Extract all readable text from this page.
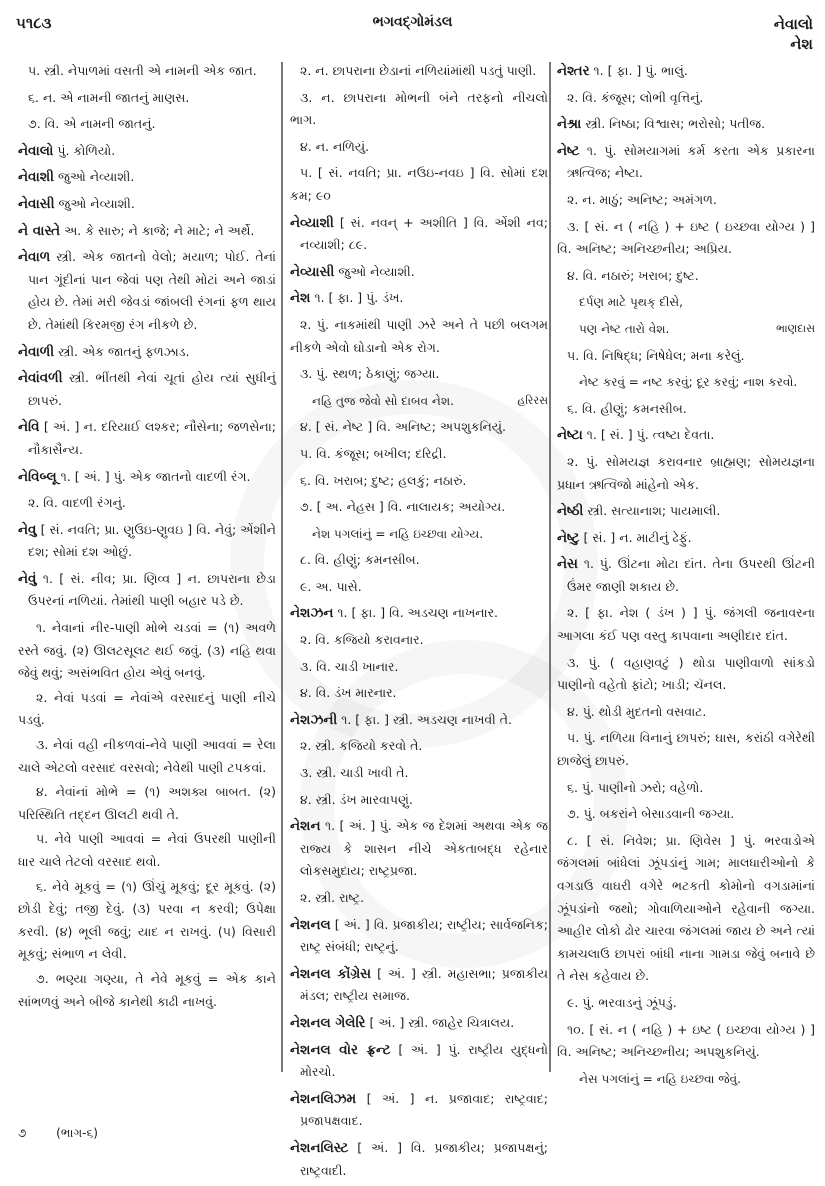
૫૧૮૩	ભગવદ્ગોમંડલ	નેવાલો
નેશ

૫. સ્ત્રી. નેપાળમાં વસતી એ નામની એક જાત.

૬. ન. એ નામની જાતનું માણસ.

૭. વિ. એ નામની જાતનું.

નેવાલો પું. કોળિયો.

નેવાશી જુઓ નેવ્યાશી.

નેવાસી જુઓ નેવ્યાશી.

ને વાસ્તે અ. કે સારુ; ને કાજે; ને માટે; ને અર્થે.

નેવાળ સ્ત્રી. એક જાતનો વેલો; મયાળ; પોઈ. તેનાં પાન ગૂંદીનાં પાન જેવાં પણ તેથી મોટાં અને જાડાં હોય છે. તેમાં મરી જેવડાં જાંબલી રંગનાં ફળ થાય છે. તેમાંથી કિરમજી રંગ નીકળે છે.

નેવાળી સ્ત્રી. એક જાતનું ફળઝાડ.

નેવાંવળી સ્ત્રી. ભીંતથી નેવાં ચૂતાં હોય ત્યાં સુધીનું છાપરું.

નેવિ [ અં. ] ન. દરિયાઈ લશ્કર; નૌસેના; જળસેના; નૌકાસૈન્ય.

નેવિબ્લૂ ૧. [ અં. ] પું. એક જાતનો વાદળી રંગ.

૨. વિ. વાદળી રંગનું.

નેવુ [ સં. નવતિ; પ્રા. ણુઉઇ-ણુવઇ ] વિ. નેવું; એંશીને દશ; સોમાં દશ ઓછું.

નેવું ૧. [ સં. નીવ; પ્રા. ણિવ્વ ] ન. છાપરાના છેડા ઉપરનાં નળિયાં. તેમાંથી પાણી બહાર પડે છે.

૧. નેવાનાં નીર-પાણી મોભે ચડવાં = (૧) અવળે રસ્તે જવું. (૨) ઊલટસૂલટ થઈ જવું. (૩) નહિ થવા જેવું થવું; અસંભવિત હોય એવું બનવું.

૨. નેવાં પડવાં = નેવાંએ વરસાદનું પાણી નીચે પડવું.

૩. નેવાં વહી નીકળવાં-નેવે પાણી આવવાં = રેલા ચાલે એટલો વરસાદ વરસવો; નેવેથી પાણી ટપકવાં.

૪. નેવાંનાં મોભે = (૧) અશક્ય બાબત. (૨) પરિસ્થિતિ તદ્દન ઊલટી થવી તે.

૫. નેવે પાણી આવવાં = નેવાં ઉપરથી પાણીની ધાર ચાલે તેટલો વરસાદ થવો.

૬. નેવે મૂકવું = (૧) ઊંચું મૂકવું; દૂર મૂકવું. (૨) છોડી દેવું; તજી દેવું. (૩) પરવા ન કરવી; ઉપેક્ષા કરવી. (૪) ભૂલી જવું; યાદ ન રાખવું. (૫) વિસારી મૂકવું; સંભાળ ન લેવી.

૭. ભણ્યા ગણ્યા, તે નેવે મૂકવું = એક કાને સાંભળવું અને બીજે કાનેથી કાઢી નાખવું.

૨. ન. છાપરાના છેડાનાં નળિયાંમાંથી પડતું પાણી.

૩. ન. છાપરાના મોભની બંને તરફનો નીચલો ભાગ.

૪. ન. નળિયું.

૫. [ સં. નવતિ; પ્રા. નઉઇ-નવઇ ] વિ. સોમાં દશ કમ; ૯૦

નેવ્યાશી [ સં. નવન્ + અશીતિ ] વિ. એંશી નવ; નવ્યાશી; ૮૯.

નેવ્યાસી જુઓ નેવ્યાશી.

નેશ ૧. [ ફા. ] પું. ડંખ.

૨. પું. નાકમાંથી પાણી ઝરે અને તે પછી બલગમ નીકળે એવો ઘોડાનો એક રોગ.

૩. પું. સ્થળ; ઠેકાણું; જગ્યા.

હરિરસ
નહિ તુજ જેવો સો દાબવ નેશ.

૪. [ સં. નેષ્ટ ] વિ. અનિષ્ટ; અપશુકનિયું.

૫. વિ. કંજૂસ; બખીલ; દરિદ્રી.

૬. વિ. ખરાબ; દુષ્ટ; હલકું; નઠારું.

૭. [ અ. નેહસ ] વિ. નાલાયક; અયોગ્ય.

નેશ પગલાંનું = નહિ ઇચ્છવા યોગ્ય.

૮. વિ. હીણું; કમનસીબ.

૯. અ. પાસે.

નેશઝન ૧. [ ફા. ] વિ. અડચણ નાખનાર.

૨. વિ. કજિયો કરાવનાર.

૩. વિ. ચાડી ખાનાર.

૪. વિ. ડંખ મારનાર.

નેશઝની ૧. [ ફા. ] સ્ત્રી. અડચણ નાખવી તે.

૨. સ્ત્રી. કજિયો કરવો તે.

૩. સ્ત્રી. ચાડી ખાવી તે.

૪. સ્ત્રી. ડંખ મારવાપણું.

નેશન ૧. [ અં. ] પું. એક જ દેશમાં અથવા એક જ રાજ્ય કે શાસન નીચે એકતાબદ્ધ રહેનાર લોકસમુદાય; રાષ્ટ્રપ્રજા.

૨. સ્ત્રી. રાષ્ટ્ર.

નેશનલ [ અં. ] વિ. પ્રજાકીય; રાષ્ટ્રીય; સાર્વજનિક; રાષ્ટ્ર સંબંધી; રાષ્ટ્રનું.

નેશનલ કોંગ્રેસ [ અં. ] સ્ત્રી. મહાસભા; પ્રજાકીય મંડલ; રાષ્ટ્રીય સમાજ.

નેશનલ ગેલેરિ [ અં. ] સ્ત્રી. જાહેર ચિત્રાલય.

નેશનલ વોર ફ્રન્ટ [ અં. ] પું. રાષ્ટ્રીય યુદ્ધનો મોરચો.

નેશનલિઝમ [ અં. ] ન. પ્રજાવાદ; રાષ્ટ્રવાદ; પ્રજાપક્ષવાદ.

નેશનલિસ્ટ [ અં. ] વિ. પ્રજાકીય; પ્રજાપક્ષનું; રાષ્ટ્રવાદી.

નેશ્તર ૧. [ ફા. ] પું. ભાલું.

૨. વિ. કંજૂસ; લોભી વૃત્તિનું.

નેશ્રા સ્ત્રી. નિષ્ઠા; વિશ્વાસ; ભરોસો; પતીજ.

નેષ્ટ ૧. પું. સોમયાગમાં કર્મ કરતા એક પ્રકારના ઋત્વિજ; નેષ્ટા.

૨. ન. માઠું; અનિષ્ટ; અમંગળ.

૩. [ સં. ન ( નહિ ) + ઇષ્ટ ( ઇચ્છવા યોગ્ય ) ] વિ. અનિષ્ટ; અનિચ્છનીય; અપ્રિય.

૪. વિ. નઠારું; ખરાબ; દુષ્ટ.

દર્પણ માટે પૃથક્ દીસે,

ભાણદાસ
પણ નેષ્ટ તારો વેશ.

૫. વિ. નિષિદ્ધ; નિષેધેલ; મના કરેલું.

નેષ્ટ કરવું = નષ્ટ કરવું; દૂર કરવું; નાશ કરવો.

૬. વિ. હીણું; કમનસીબ.

નેષ્ટા ૧. [ સં. ] પું. ત્વષ્ટા દેવતા.

૨. પું. સોમયજ્ઞ કરાવનાર બ્રાહ્મણ; સોમયજ્ઞના પ્રધાન ઋત્વિજો માંહેનો એક.

નેષ્ઠી સ્ત્રી. સત્યાનાશ; પાયમાલી.

નેષ્ટુ [ સં. ] ન. માટીનું ઢેફું.

નેસ ૧. પું. ઊંટના મોટા દાંત. તેના ઉપરથી ઊંટની ઉંમર જાણી શકાય છે.

૨. [ ફા. નેશ ( ડંખ ) ] પું. જંગલી જનાવરના આગલા કંઈ પણ વસ્તુ કાપવાના અણીદાર દાંત.

૩. પું. ( વહાણવટું ) થોડા પાણીવાળો સાંકડો પાણીનો વહેતો ફાંટો; ખાડી; ચૅનલ.

૪. પું. થોડી મુદતનો વસવાટ.

૫. પું. નળિયા વિનાનું છાપરું; ઘાસ, કરાંઠી વગેરેથી છાજેલું છાપરું.

૬. પું. પાણીનો ઝરો; વહેળો.

૭. પું. બકરાંને બેસાડવાની જગ્યા.

૮. [ સં. નિવેશ; પ્રા. ણિવેસ ] પું. ભરવાડોએ જંગલમાં બાંધેલાં ઝૂંપડાંનું ગામ; માલધારીઓનો કે વગડાઉ વાઘરી વગેરે ભટકતી કોમોનો વગડામાંનાં ઝૂંપડાંનો જથો; ગોવાળિયાઓને રહેવાની જગ્યા. આહીર લોકો ઢોર ચારવા જંગલમાં જાય છે અને ત્યાં કામચલાઉ છાપરાં બાંધી નાના ગામડા જેવું બનાવે છે તે નેસ કહેવાય છે.

૯. પું. ભરવાડનું ઝૂંપડું.

૧૦. [ સં. ન ( નહિ ) + ઇષ્ટ ( ઇચ્છવા યોગ્ય ) ] વિ. અનિષ્ટ; અનિચ્છનીય; અપશુકનિયું.

નેસ પગલાંનું = નહિ ઇચ્છવા જેવું.

૭ (ભાગ-૬)
